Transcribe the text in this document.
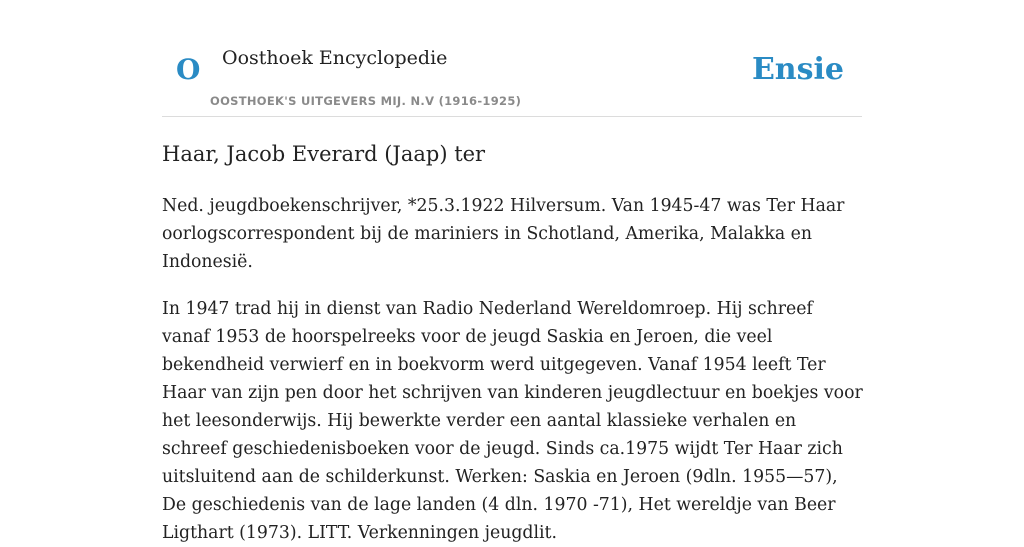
O Oosthoek Encyclopedie
OOSTHOEK'S UITGEVERS MIJ. N.V (1916-1925)
Ensie
Haar, Jacob Everard (Jaap) ter

Ned. jeugdboekenschrijver, *25.3.1922 Hilversum. Van 1945-47 was Ter Haar oorlogscorrespondent bij de mariniers in Schotland, Amerika, Malakka en Indonesië.

In 1947 trad hij in dienst van Radio Nederland Wereldomroep. Hij schreef vanaf 1953 de hoorspelreeks voor de jeugd Saskia en Jeroen, die veel bekendheid verwierf en in boekvorm werd uitgegeven. Vanaf 1954 leeft Ter Haar van zijn pen door het schrijven van kinderen jeugdlectuur en boekjes voor het leesonderwijs. Hij bewerkte verder een aantal klassieke verhalen en schreef geschiedenisboeken voor de jeugd. Sinds ca.1975 wijdt Ter Haar zich uitsluitend aan de schilderkunst. Werken: Saskia en Jeroen (9dln. 1955—57), De geschiedenis van de lage landen (4 dln. 1970 -71), Het wereldje van Beer Ligthart (1973). LITT. Verkenningen jeugdlit.
